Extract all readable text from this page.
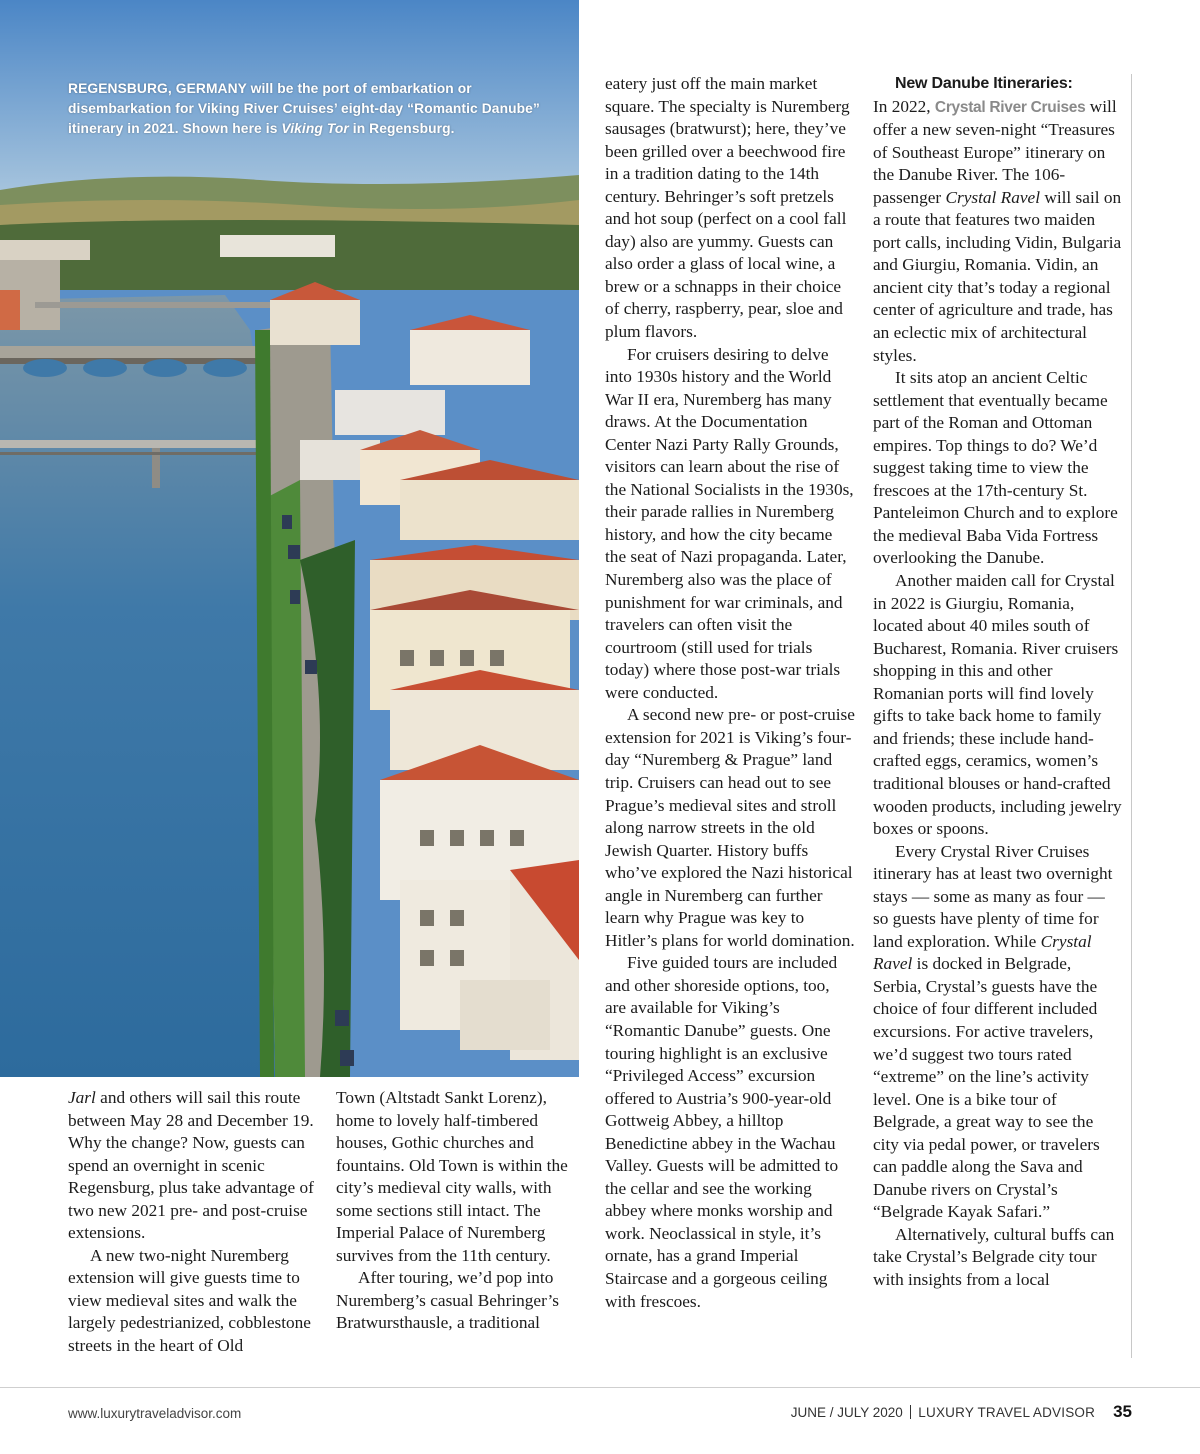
REGENSBURG, GERMANY will be the port of embarkation or disembarkation for Viking River Cruises’ eight-day “Romantic Danube” itinerary in 2021. Shown here is Viking Tor in Regensburg.

Jarl and others will sail this route between May 28 and December 19. Why the change? Now, guests can spend an overnight in scenic Regensburg, plus take advantage of two new 2021 pre- and post-cruise extensions.

A new two-night Nuremberg extension will give guests time to view medieval sites and walk the largely pedestrianized, cobblestone streets in the heart of Old

Town (Altstadt Sankt Lorenz), home to lovely half-timbered houses, Gothic churches and fountains. Old Town is within the city’s medieval city walls, with some sections still intact. The Imperial Palace of Nuremberg survives from the 11th century.

After touring, we’d pop into Nuremberg’s casual Behringer’s Bratwursthausle, a traditional

eatery just off the main market square. The specialty is Nuremberg sausages (bratwurst); here, they’ve been grilled over a beechwood fire in a tradition dating to the 14th century. Behringer’s soft pretzels and hot soup (perfect on a cool fall day) also are yummy. Guests can also order a glass of local wine, a brew or a schnapps in their choice of cherry, raspberry, pear, sloe and plum flavors.

For cruisers desiring to delve into 1930s history and the World War II era, Nuremberg has many draws. At the Documentation Center Nazi Party Rally Grounds, visitors can learn about the rise of the National Socialists in the 1930s, their parade rallies in Nuremberg history, and how the city became the seat of Nazi propaganda. Later, Nuremberg also was the place of punishment for war criminals, and travelers can often visit the courtroom (still used for trials today) where those post-war trials were conducted.

A second new pre- or post-cruise extension for 2021 is Viking’s four-day “Nuremberg & Prague” land trip. Cruisers can head out to see Prague’s medieval sites and stroll along narrow streets in the old Jewish Quarter. History buffs who’ve explored the Nazi historical angle in Nuremberg can further learn why Prague was key to Hitler’s plans for world domination.

Five guided tours are included and other shoreside options, too, are available for Viking’s “Romantic Danube” guests. One touring highlight is an exclusive “Privileged Access” excursion offered to Austria’s 900-year-old Gottweig Abbey, a hilltop Benedictine abbey in the Wachau Valley. Guests will be admitted to the cellar and see the working abbey where monks worship and work. Neoclassical in style, it’s ornate, has a grand Imperial Staircase and a gorgeous ceiling with frescoes.

New Danube Itineraries:

In 2022, Crystal River Cruises will offer a new seven-night “Treasures of Southeast Europe” itinerary on the Danube River. The 106-passenger Crystal Ravel will sail on a route that features two maiden port calls, including Vidin, Bulgaria and Giurgiu, Romania. Vidin, an ancient city that’s today a regional center of agriculture and trade, has an eclectic mix of architectural styles.

It sits atop an ancient Celtic settlement that eventually became part of the Roman and Ottoman empires. Top things to do? We’d suggest taking time to view the frescoes at the 17th-century St. Panteleimon Church and to explore the medieval Baba Vida Fortress overlooking the Danube.

Another maiden call for Crystal in 2022 is Giurgiu, Romania, located about 40 miles south of Bucharest, Romania. River cruisers shopping in this and other Romanian ports will find lovely gifts to take back home to family and friends; these include hand-crafted eggs, ceramics, women’s traditional blouses or hand-crafted wooden products, including jewelry boxes or spoons.

Every Crystal River Cruises itinerary has at least two overnight stays — some as many as four — so guests have plenty of time for land exploration. While Crystal Ravel is docked in Belgrade, Serbia, Crystal’s guests have the choice of four different included excursions. For active travelers, we’d suggest two tours rated “extreme” on the line’s activity level. One is a bike tour of Belgrade, a great way to see the city via pedal power, or travelers can paddle along the Sava and Danube rivers on Crystal’s “Belgrade Kayak Safari.”

Alternatively, cultural buffs can take Crystal’s Belgrade city tour with insights from a local

www.luxurytraveladvisor.com	JUNE / JULY 2020 LUXURY TRAVEL ADVISOR 35
